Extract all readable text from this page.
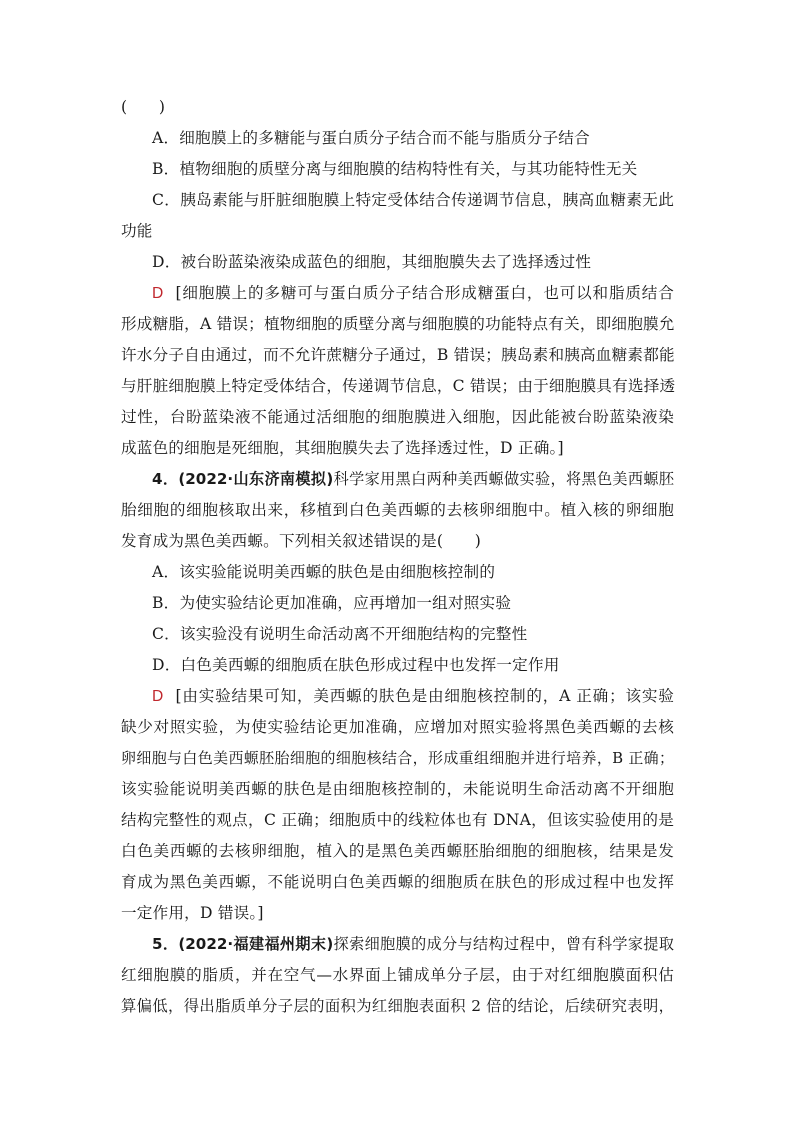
(　　)
A．细胞膜上的多糖能与蛋白质分子结合而不能与脂质分子结合
B．植物细胞的质壁分离与细胞膜的结构特性有关，与其功能特性无关
C．胰岛素能与肝脏细胞膜上特定受体结合传递调节信息，胰高血糖素无此
功能
D．被台盼蓝染液染成蓝色的细胞，其细胞膜失去了选择透过性
D [细胞膜上的多糖可与蛋白质分子结合形成糖蛋白，也可以和脂质结合
形成糖脂，A 错误；植物细胞的质壁分离与细胞膜的功能特点有关，即细胞膜允
许水分子自由通过，而不允许蔗糖分子通过，B 错误；胰岛素和胰高血糖素都能
与肝脏细胞膜上特定受体结合，传递调节信息，C 错误；由于细胞膜具有选择透
过性，台盼蓝染液不能通过活细胞的细胞膜进入细胞，因此能被台盼蓝染液染
成蓝色的细胞是死细胞，其细胞膜失去了选择透过性，D 正确。]
4．(2022·山东济南模拟)科学家用黑白两种美西螈做实验，将黑色美西螈胚
胎细胞的细胞核取出来，移植到白色美西螈的去核卵细胞中。植入核的卵细胞
发育成为黑色美西螈。下列相关叙述错误的是(　　)
A．该实验能说明美西螈的肤色是由细胞核控制的
B．为使实验结论更加准确，应再增加一组对照实验
C．该实验没有说明生命活动离不开细胞结构的完整性
D．白色美西螈的细胞质在肤色形成过程中也发挥一定作用
D [由实验结果可知，美西螈的肤色是由细胞核控制的，A 正确；该实验
缺少对照实验，为使实验结论更加准确，应增加对照实验将黑色美西螈的去核
卵细胞与白色美西螈胚胎细胞的细胞核结合，形成重组细胞并进行培养，B 正确；
该实验能说明美西螈的肤色是由细胞核控制的，未能说明生命活动离不开细胞
结构完整性的观点，C 正确；细胞质中的线粒体也有 DNA，但该实验使用的是
白色美西螈的去核卵细胞，植入的是黑色美西螈胚胎细胞的细胞核，结果是发
育成为黑色美西螈，不能说明白色美西螈的细胞质在肤色的形成过程中也发挥
一定作用，D 错误。]
5．(2022·福建福州期末)探索细胞膜的成分与结构过程中，曾有科学家提取
红细胞膜的脂质，并在空气—水界面上铺成单分子层，由于对红细胞膜面积估
算偏低，得出脂质单分子层的面积为红细胞表面积 2 倍的结论，后续研究表明，
